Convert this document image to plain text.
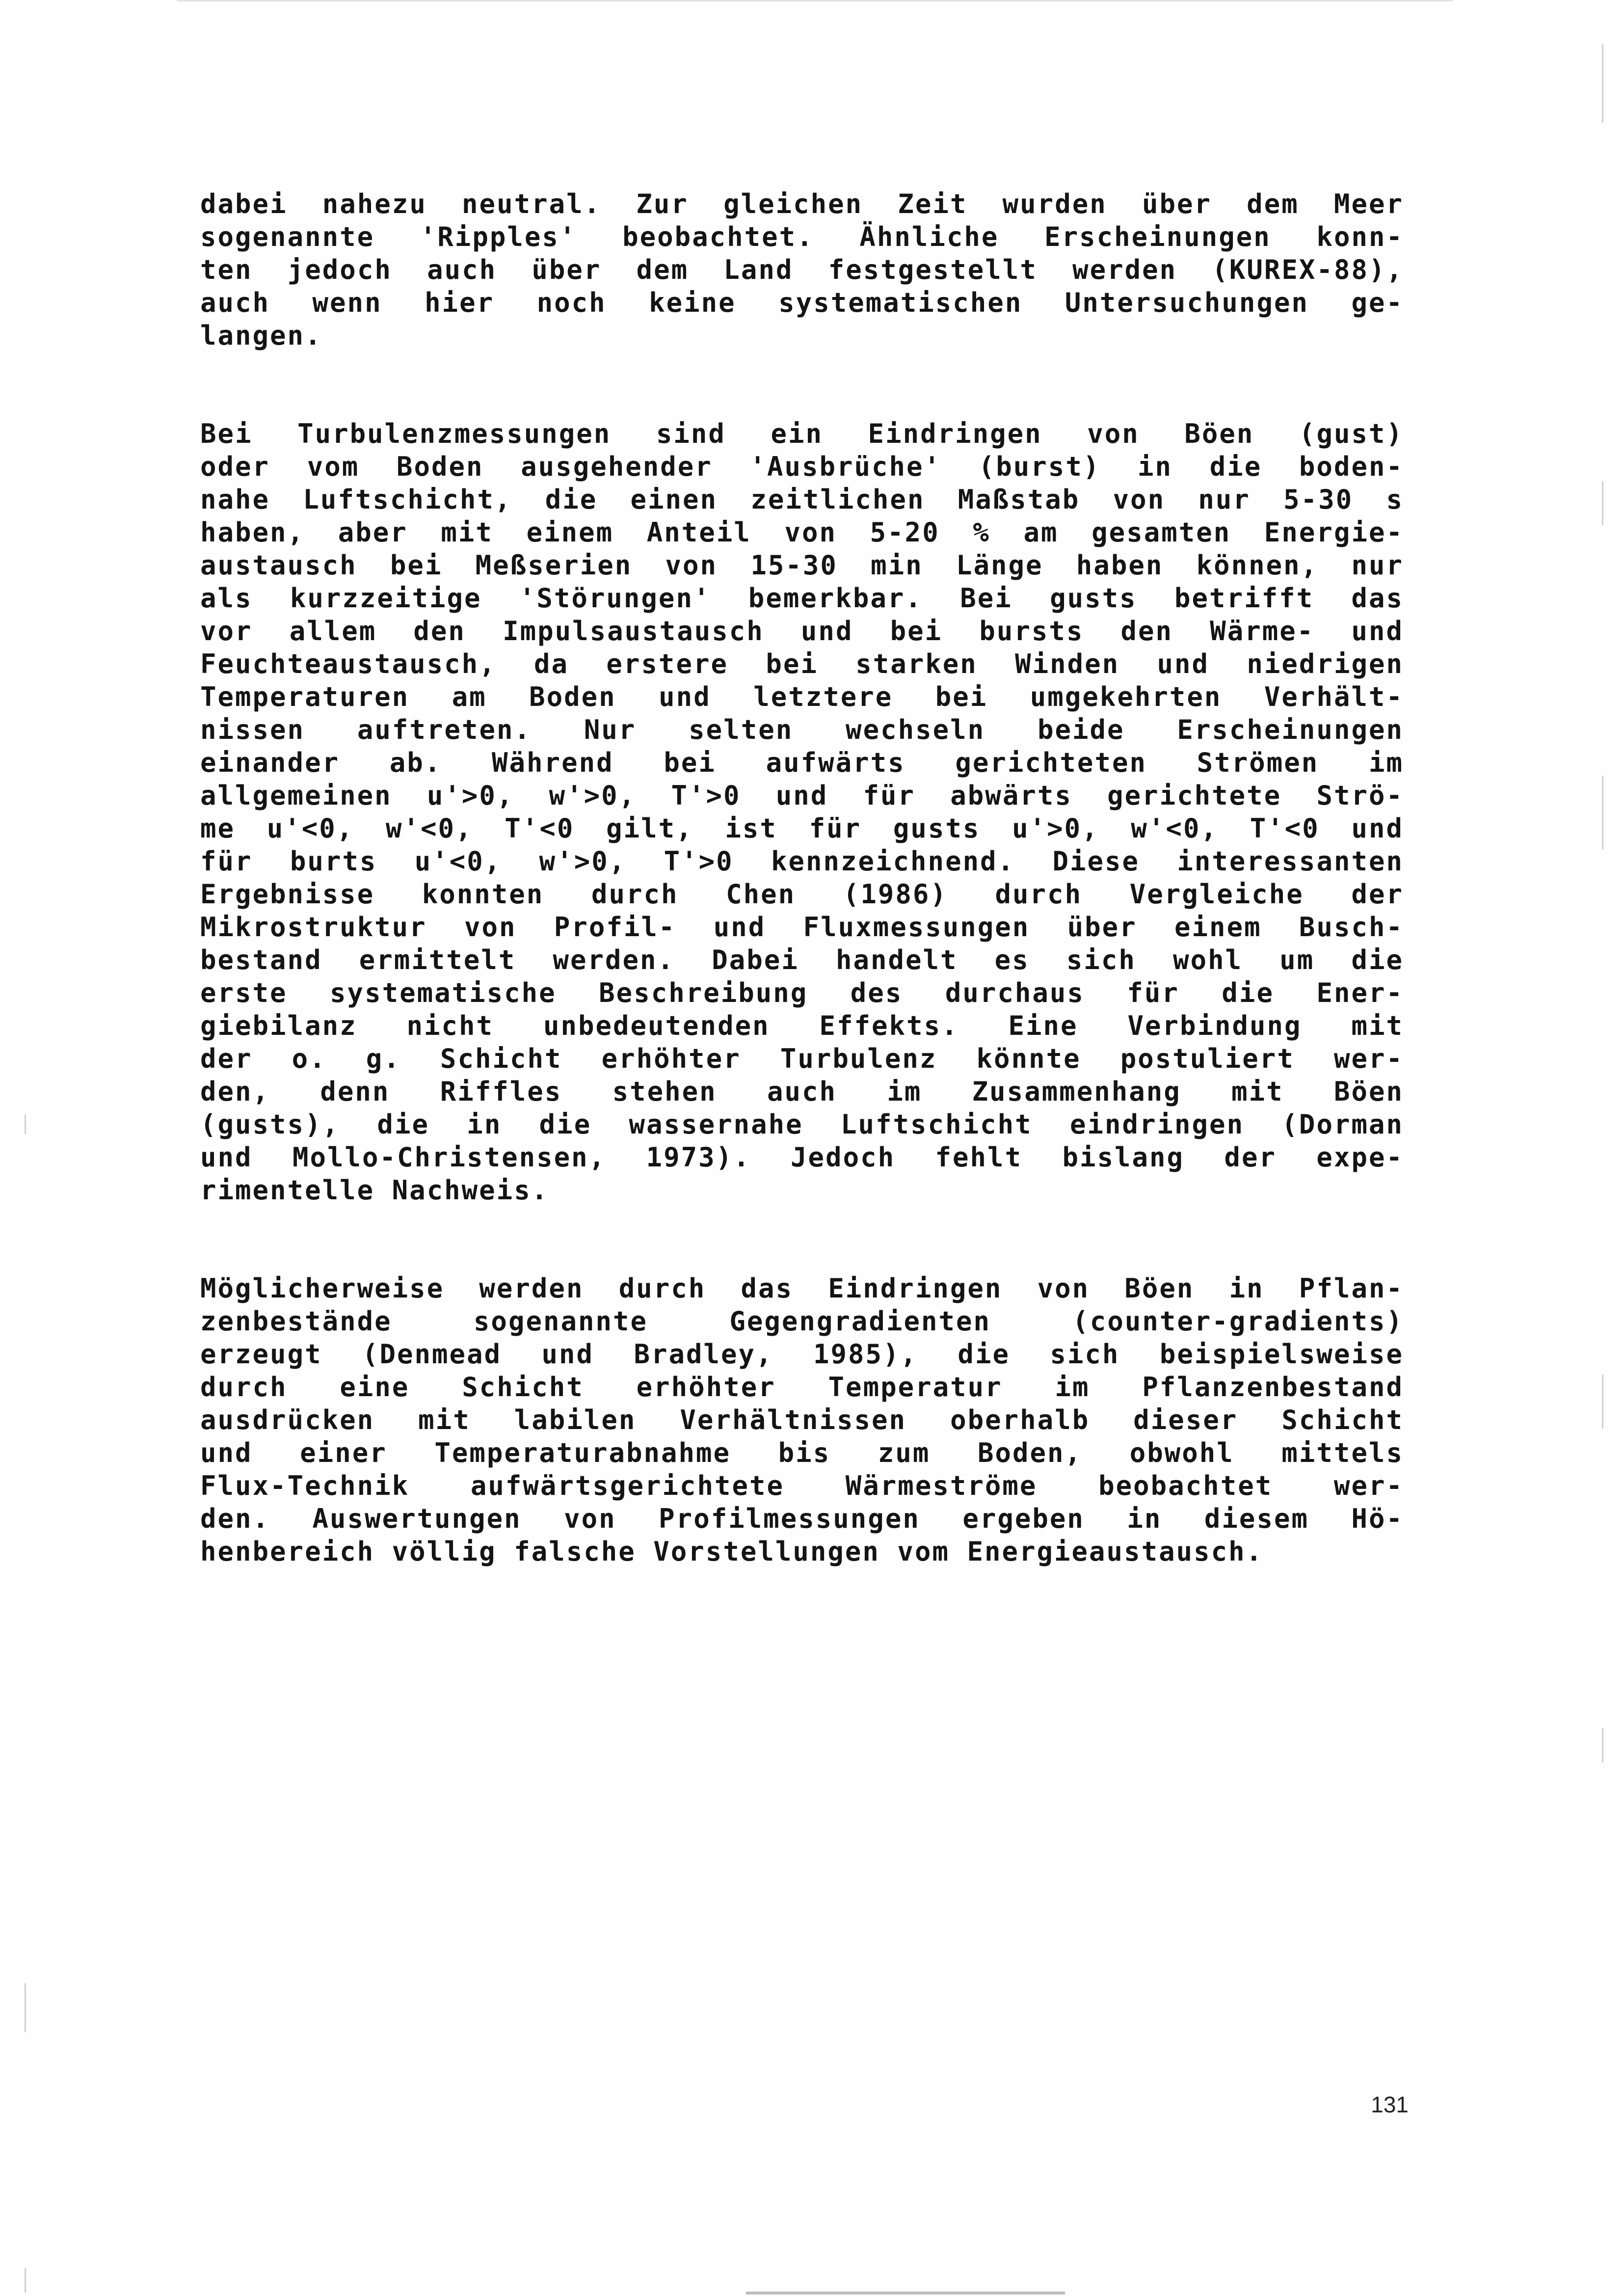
dabei nahezu neutral. Zur gleichen Zeit wurden über dem Meer
sogenannte 'Ripples' beobachtet. Ähnliche Erscheinungen konn-
ten jedoch auch über dem Land festgestellt werden (KUREX-88),
auch wenn hier noch keine systematischen Untersuchungen ge-
langen.
Bei Turbulenzmessungen sind ein Eindringen von Böen (gust)
oder vom Boden ausgehender 'Ausbrüche' (burst) in die boden-
nahe Luftschicht, die einen zeitlichen Maßstab von nur 5-30 s
haben, aber mit einem Anteil von 5-20 % am gesamten Energie-
austausch bei Meßserien von 15-30 min Länge haben können, nur
als kurzzeitige 'Störungen' bemerkbar. Bei gusts betrifft das
vor allem den Impulsaustausch und bei bursts den Wärme- und
Feuchteaustausch, da erstere bei starken Winden und niedrigen
Temperaturen am Boden und letztere bei umgekehrten Verhält-
nissen auftreten. Nur selten wechseln beide Erscheinungen
einander ab. Während bei aufwärts gerichteten Strömen im
allgemeinen u'>0, w'>0, T'>0 und für abwärts gerichtete Strö-
me u'<0, w'<0, T'<0 gilt, ist für gusts u'>0, w'<0, T'<0 und
für burts u'<0, w'>0, T'>0 kennzeichnend. Diese interessanten
Ergebnisse konnten durch Chen (1986) durch Vergleiche der
Mikrostruktur von Profil- und Fluxmessungen über einem Busch-
bestand ermittelt werden. Dabei handelt es sich wohl um die
erste systematische Beschreibung des durchaus für die Ener-
giebilanz nicht unbedeutenden Effekts. Eine Verbindung mit
der o. g. Schicht erhöhter Turbulenz könnte postuliert wer-
den, denn Riffles stehen auch im Zusammenhang mit Böen
(gusts), die in die wassernahe Luftschicht eindringen (Dorman
und Mollo-Christensen, 1973). Jedoch fehlt bislang der expe-
rimentelle Nachweis.
Möglicherweise werden durch das Eindringen von Böen in Pflan-
zenbestände sogenannte Gegengradienten (counter-gradients)
erzeugt (Denmead und Bradley, 1985), die sich beispielsweise
durch eine Schicht erhöhter Temperatur im Pflanzenbestand
ausdrücken mit labilen Verhältnissen oberhalb dieser Schicht
und einer Temperaturabnahme bis zum Boden, obwohl mittels
Flux-Technik aufwärtsgerichtete Wärmeströme beobachtet wer-
den. Auswertungen von Profilmessungen ergeben in diesem Hö-
henbereich völlig falsche Vorstellungen vom Energieaustausch.
131
